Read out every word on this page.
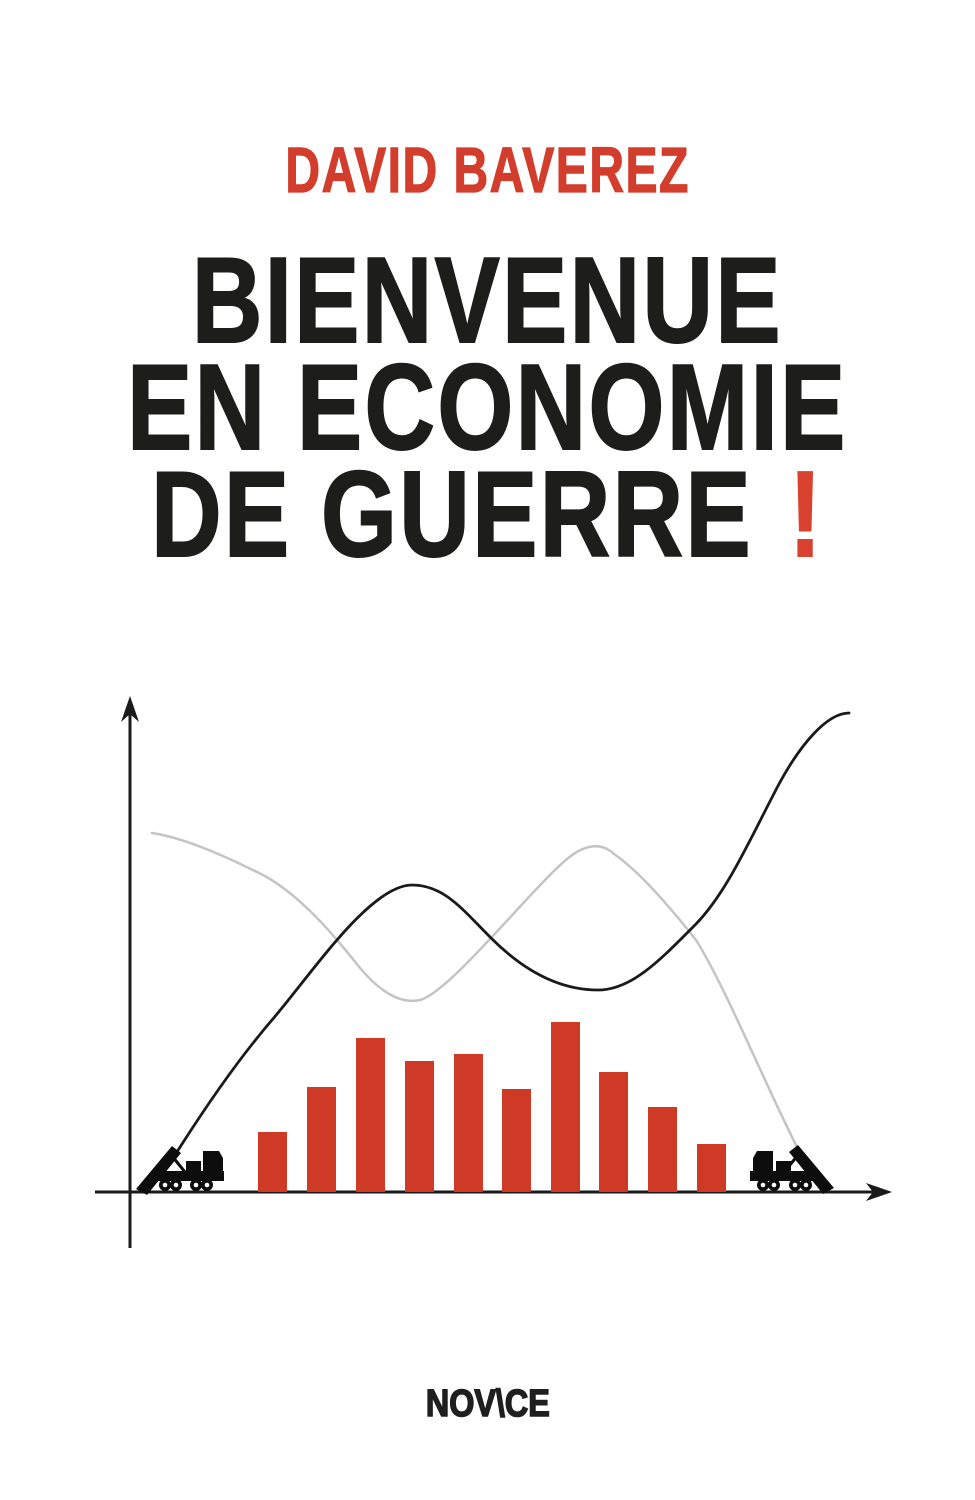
DAVID BAVEREZ
BIENVENUE
EN ECONOMIE
DE GUERRE !
NOV\CE
